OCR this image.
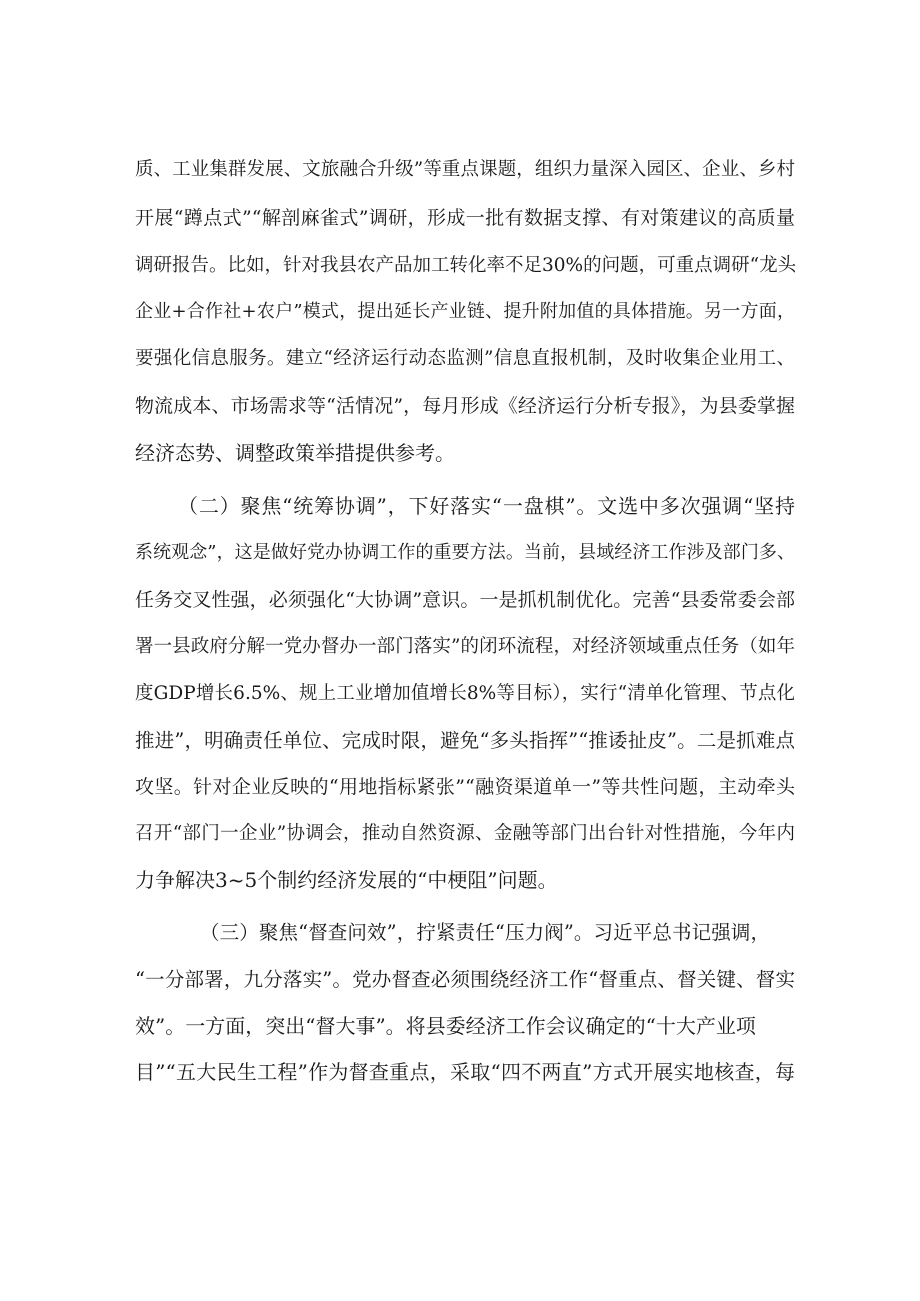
质、工业集群发展、文旅融合升级”等重点课题，组织力量深入园区、企业、乡村
开展“蹲点式”“解剖麻雀式”调研，形成一批有数据支撑、有对策建议的高质量
调研报告。比如，针对我县农产品加工转化率不足30%的问题，可重点调研“龙头
企业+合作社+农户”模式，提出延长产业链、提升附加值的具体措施。另一方面，
要强化信息服务。建立“经济运行动态监测”信息直报机制，及时收集企业用工、
物流成本、市场需求等“活情况”，每月形成《经济运行分析专报》，为县委掌握
经济态势、调整政策举措提供参考。
（二）聚焦“统筹协调”，下好落实“一盘棋”。文选中多次强调“坚持
系统观念”，这是做好党办协调工作的重要方法。当前，县域经济工作涉及部门多、
任务交叉性强，必须强化“大协调”意识。一是抓机制优化。完善“县委常委会部
署一县政府分解一党办督办一部门落实”的闭环流程，对经济领域重点任务（如年
度GDP增长6.5%、规上工业增加值增长8%等目标），实行“清单化管理、节点化
推进”，明确责任单位、完成时限，避免“多头指挥”“推诿扯皮”。二是抓难点
攻坚。针对企业反映的“用地指标紧张”“融资渠道单一”等共性问题，主动牵头
召开“部门一企业”协调会，推动自然资源、金融等部门出台针对性措施，今年内
力争解决3~5个制约经济发展的“中梗阻”问题。
（三）聚焦“督查问效”，拧紧责任“压力阀”。习近平总书记强调，
“一分部署，九分落实”。党办督查必须围绕经济工作“督重点、督关键、督实
效”。一方面，突出“督大事”。将县委经济工作会议确定的“十大产业项
目”“五大民生工程”作为督查重点，采取“四不两直”方式开展实地核查，每
